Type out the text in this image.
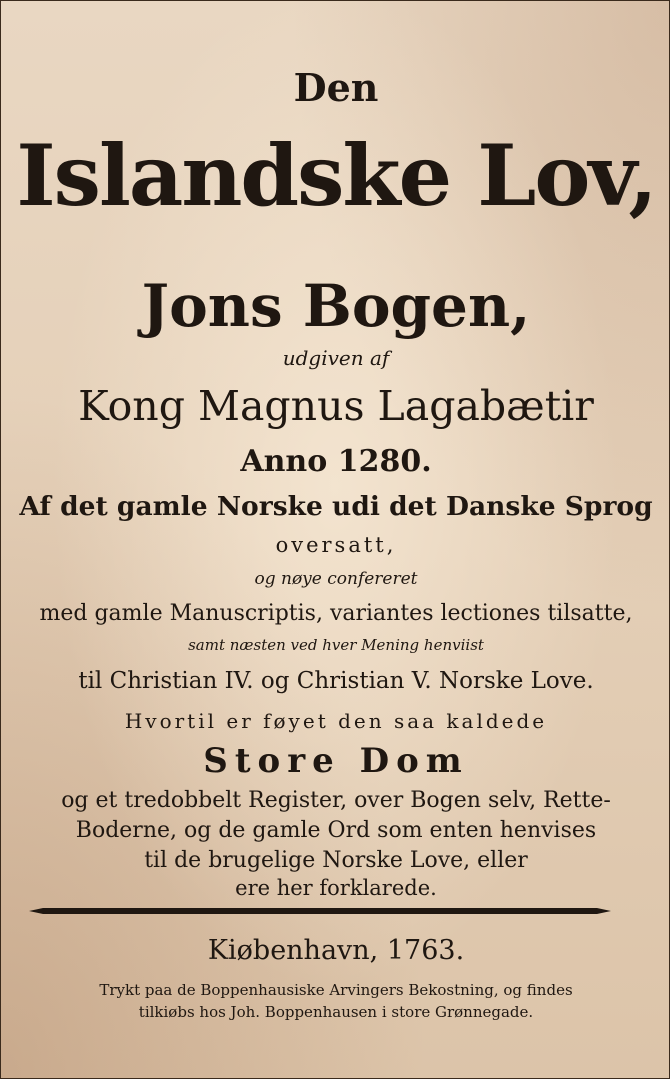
Den

Islandske Lov,

Jons Bogen,

udgiven af

Kong Magnus Lagabætir

Anno 1280.

Af det gamle Norske udi det Danske Sprog

oversatt,

og nøye confereret

med gamle Manuscriptis, variantes lectiones tilsatte,

samt næsten ved hver Mening henviist

til Christian IV. og Christian V. Norske Love.

Hvortil er føyet den saa kaldede

Store Dom

og et tredobbelt Register, over Bogen selv, Rette-

Boderne, og de gamle Ord som enten henvises

til de brugelige Norske Love, eller

ere her forklarede.

Kiøbenhavn, 1763.

Trykt paa de Boppenhausiske Arvingers Bekostning, og findes

tilkiøbs hos Joh. Boppenhausen i store Grønnegade.
